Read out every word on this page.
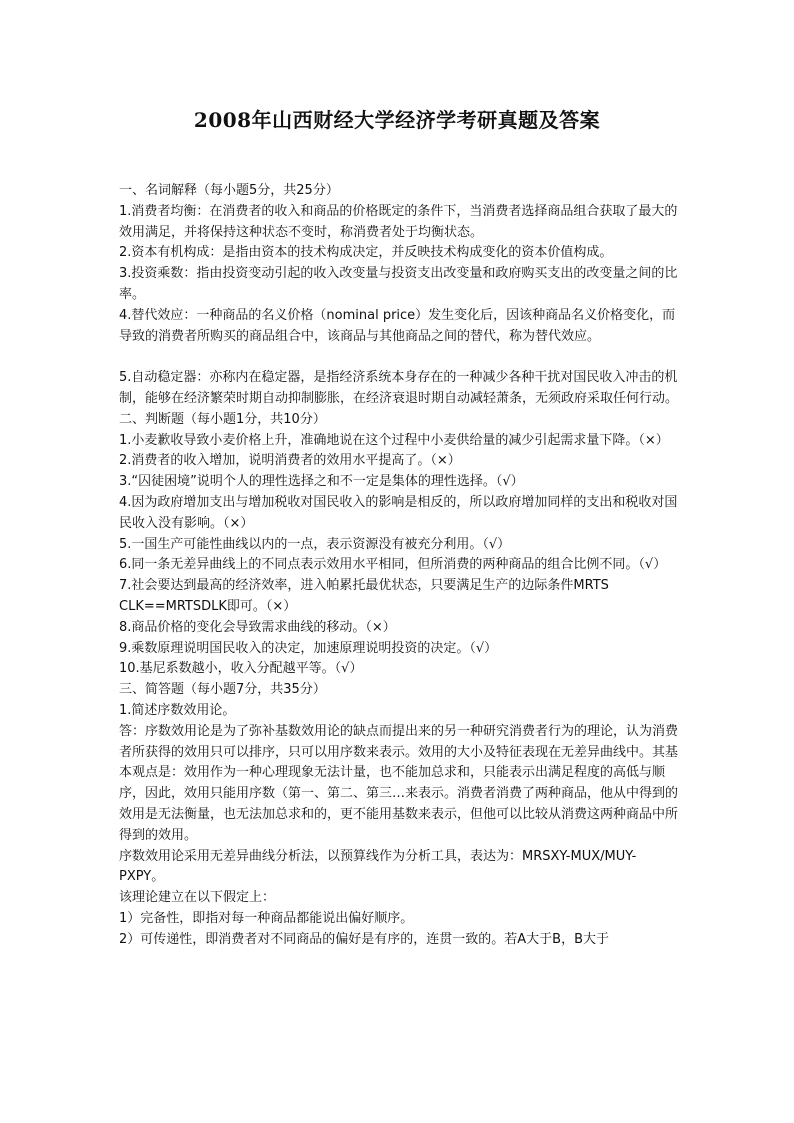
2008年山西财经大学经济学考研真题及答案

一、名词解释（每小题5分，共25分）

1.消费者均衡：在消费者的收入和商品的价格既定的条件下，当消费者选择商品组合获取了最大的效用满足，并将保持这种状态不变时，称消费者处于均衡状态。

2.资本有机构成：是指由资本的技术构成决定，并反映技术构成变化的资本价值构成。

3.投资乘数：指由投资变动引起的收入改变量与投资支出改变量和政府购买支出的改变量之间的比率。

4.替代效应：一种商品的名义价格（nominal price）发生变化后，因该种商品名义价格变化，而导致的消费者所购买的商品组合中，该商品与其他商品之间的替代，称为替代效应。

5.自动稳定器：亦称内在稳定器，是指经济系统本身存在的一种减少各种干扰对国民收入冲击的机制，能够在经济繁荣时期自动抑制膨胀，在经济衰退时期自动减轻萧条，无须政府采取任何行动。

二、判断题（每小题1分，共10分）

1.小麦歉收导致小麦价格上升，准确地说在这个过程中小麦供给量的减少引起需求量下降。（×）

2.消费者的收入增加，说明消费者的效用水平提高了。（×）

3.“囚徒困境”说明个人的理性选择之和不一定是集体的理性选择。（√）

4.因为政府增加支出与增加税收对国民收入的影响是相反的，所以政府增加同样的支出和税收对国民收入没有影响。（×）

5.一国生产可能性曲线以内的一点，表示资源没有被充分利用。（√）

6.同一条无差异曲线上的不同点表示效用水平相同，但所消费的两种商品的组合比例不同。（√）

7.社会要达到最高的经济效率，进入帕累托最优状态，只要满足生产的边际条件MRTS CLK==MRTSDLK即可。（×）

8.商品价格的变化会导致需求曲线的移动。（×）

9.乘数原理说明国民收入的决定，加速原理说明投资的决定。（√）

10.基尼系数越小，收入分配越平等。（√）

三、简答题（每小题7分，共35分）

1.简述序数效用论。

答：序数效用论是为了弥补基数效用论的缺点而提出来的另一种研究消费者行为的理论，认为消费者所获得的效用只可以排序，只可以用序数来表示。效用的大小及特征表现在无差异曲线中。其基本观点是：效用作为一种心理现象无法计量，也不能加总求和，只能表示出满足程度的高低与顺序，因此，效用只能用序数（第一、第二、第三…来表示。消费者消费了两种商品，他从中得到的效用是无法衡量，也无法加总求和的，更不能用基数来表示，但他可以比较从消费这两种商品中所得到的效用。

序数效用论采用无差异曲线分析法，以预算线作为分析工具，表达为：MRSXY-MUX/MUY-PXPY。

该理论建立在以下假定上：

1）完备性，即指对每一种商品都能说出偏好顺序。

2）可传递性，即消费者对不同商品的偏好是有序的，连贯一致的。若A大于B，B大于
